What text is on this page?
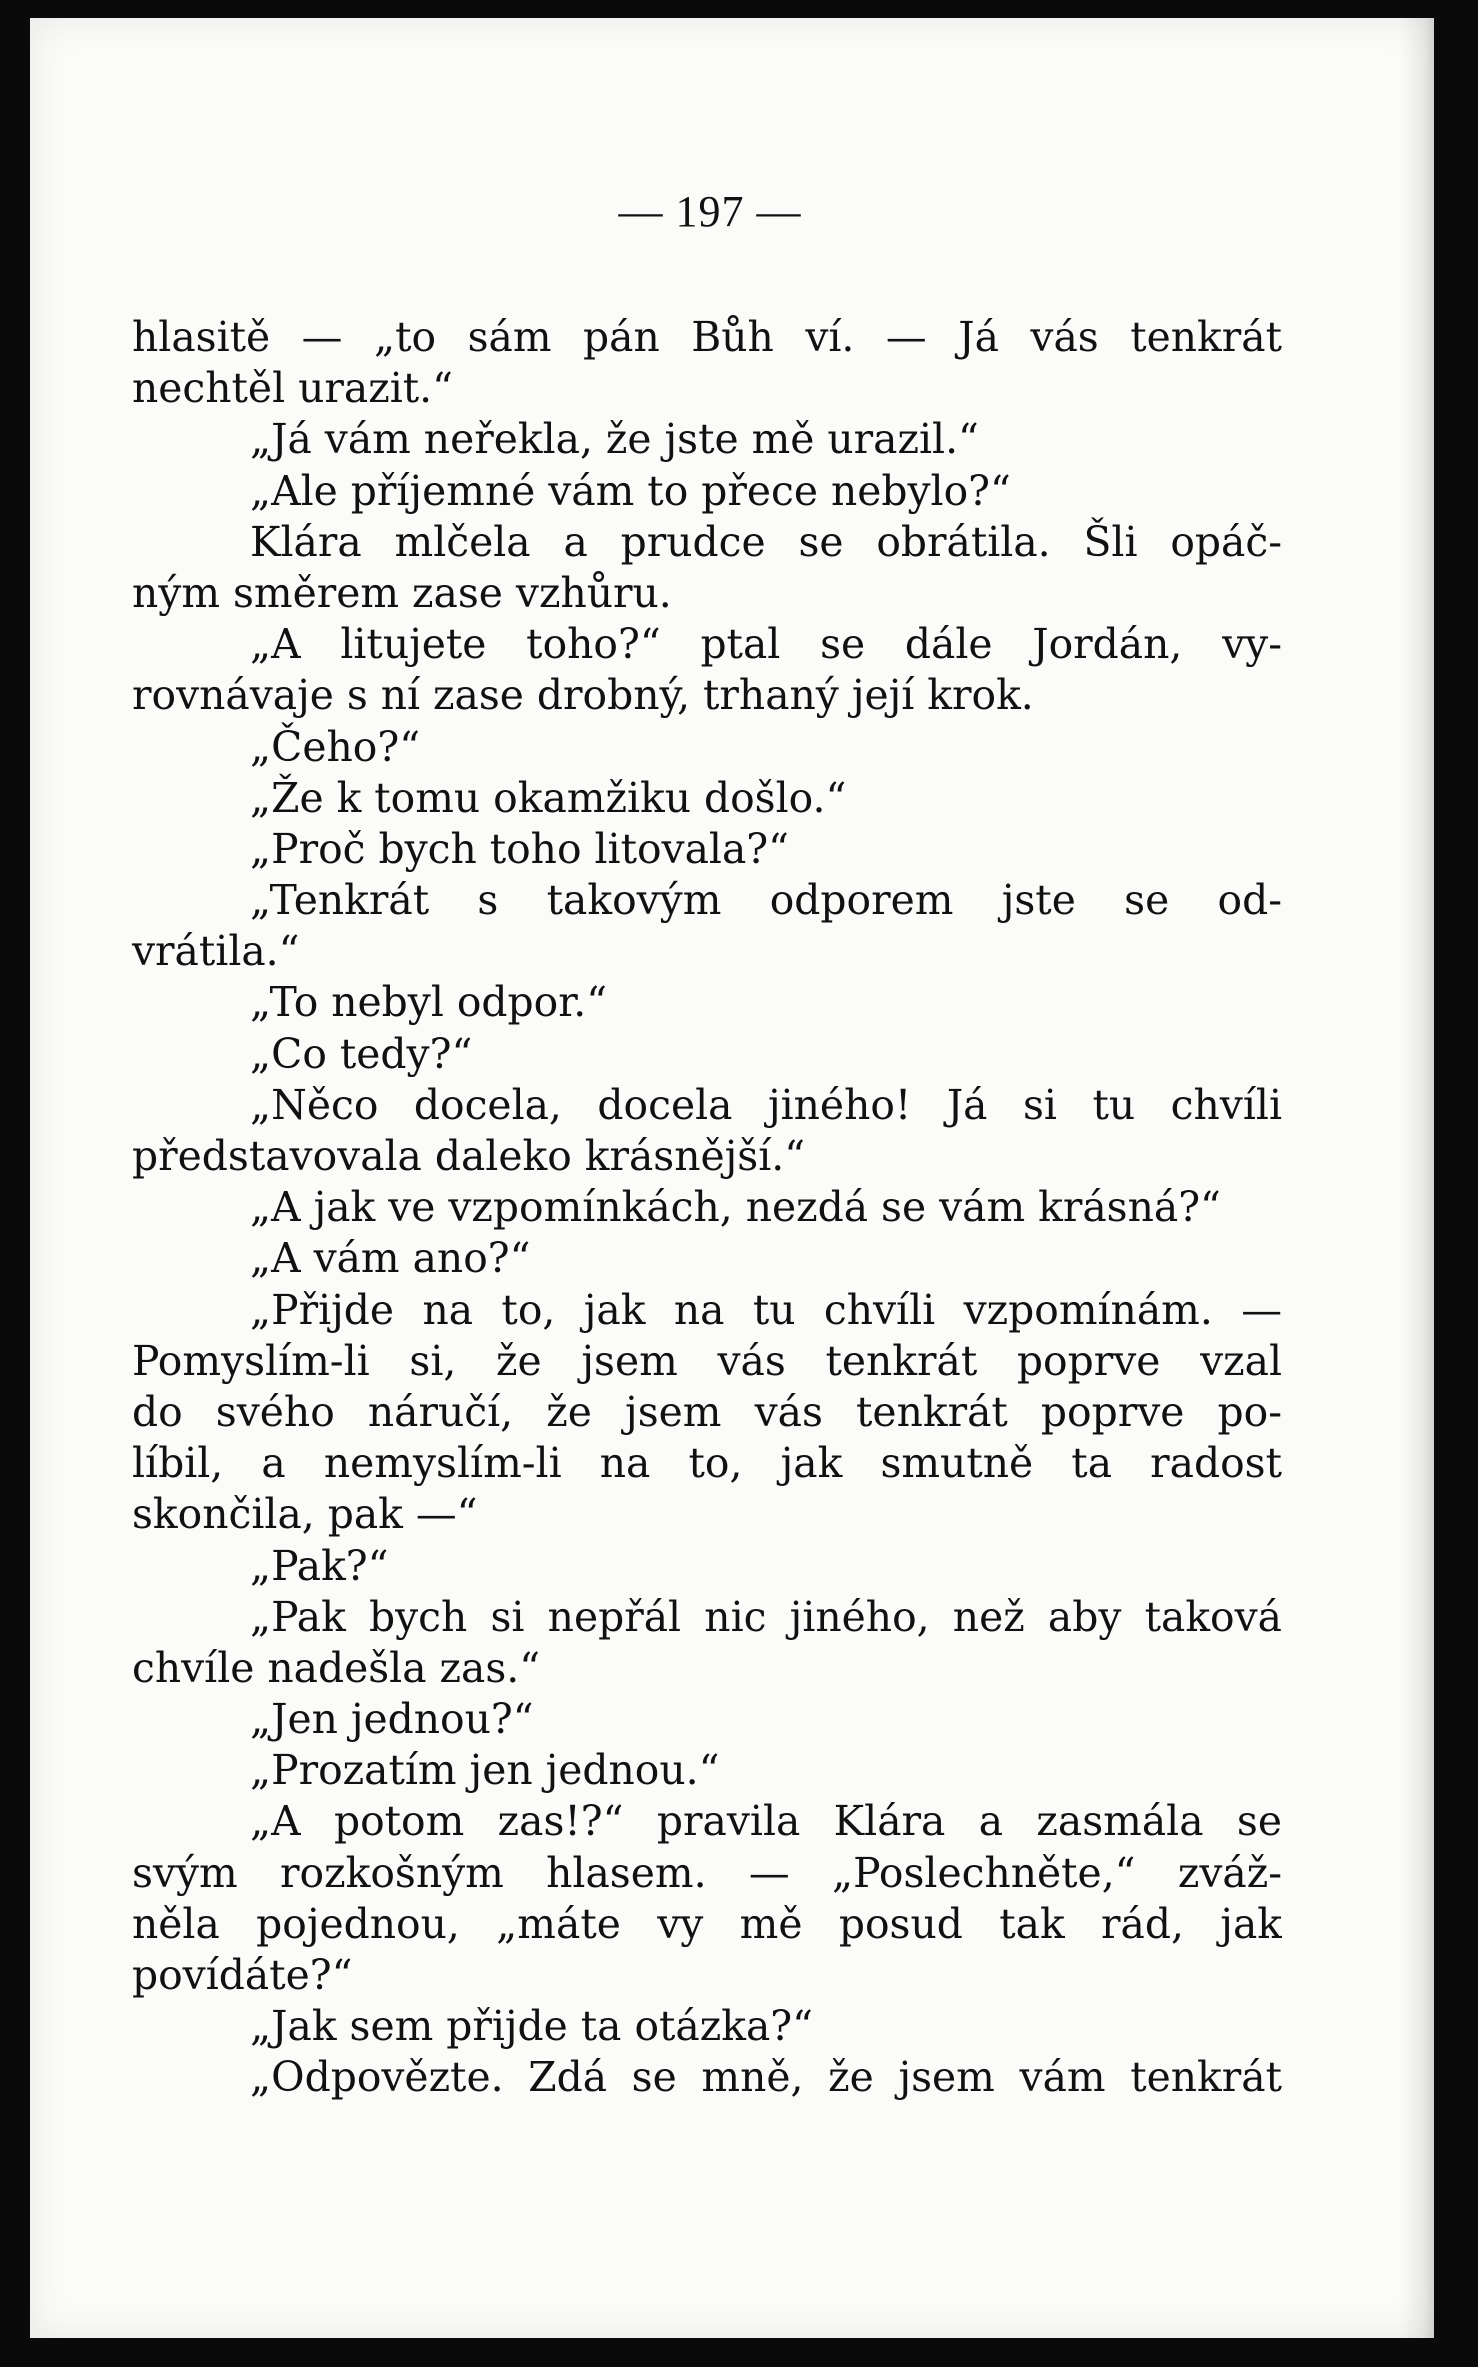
— 197 —
hlasitě — „to sám pán Bůh ví. — Já vás tenkrát
nechtěl urazit.“
„Já vám neřekla, že jste mě urazil.“
„Ale příjemné vám to přece nebylo?“
Klára mlčela a prudce se obrátila. Šli opáč-
ným směrem zase vzhůru.
„A litujete toho?“ ptal se dále Jordán, vy-
rovnávaje s ní zase drobný, trhaný její krok.
„Čeho?“
„Že k tomu okamžiku došlo.“
„Proč bych toho litovala?“
„Tenkrát s takovým odporem jste se od-
vrátila.“
„To nebyl odpor.“
„Co tedy?“
„Něco docela, docela jiného! Já si tu chvíli
představovala daleko krásnější.“
„A jak ve vzpomínkách, nezdá se vám krásná?“
„A vám ano?“
„Přijde na to, jak na tu chvíli vzpomínám. —
Pomyslím-li si, že jsem vás tenkrát poprve vzal
do svého náručí, že jsem vás tenkrát poprve po-
líbil, a nemyslím-li na to, jak smutně ta radost
skončila, pak —“
„Pak?“
„Pak bych si nepřál nic jiného, než aby taková
chvíle nadešla zas.“
„Jen jednou?“
„Prozatím jen jednou.“
„A potom zas!?“ pravila Klára a zasmála se
svým rozkošným hlasem. — „Poslechněte,“ zváž-
něla pojednou, „máte vy mě posud tak rád, jak
povídáte?“
„Jak sem přijde ta otázka?“
„Odpovězte. Zdá se mně, že jsem vám tenkrát
